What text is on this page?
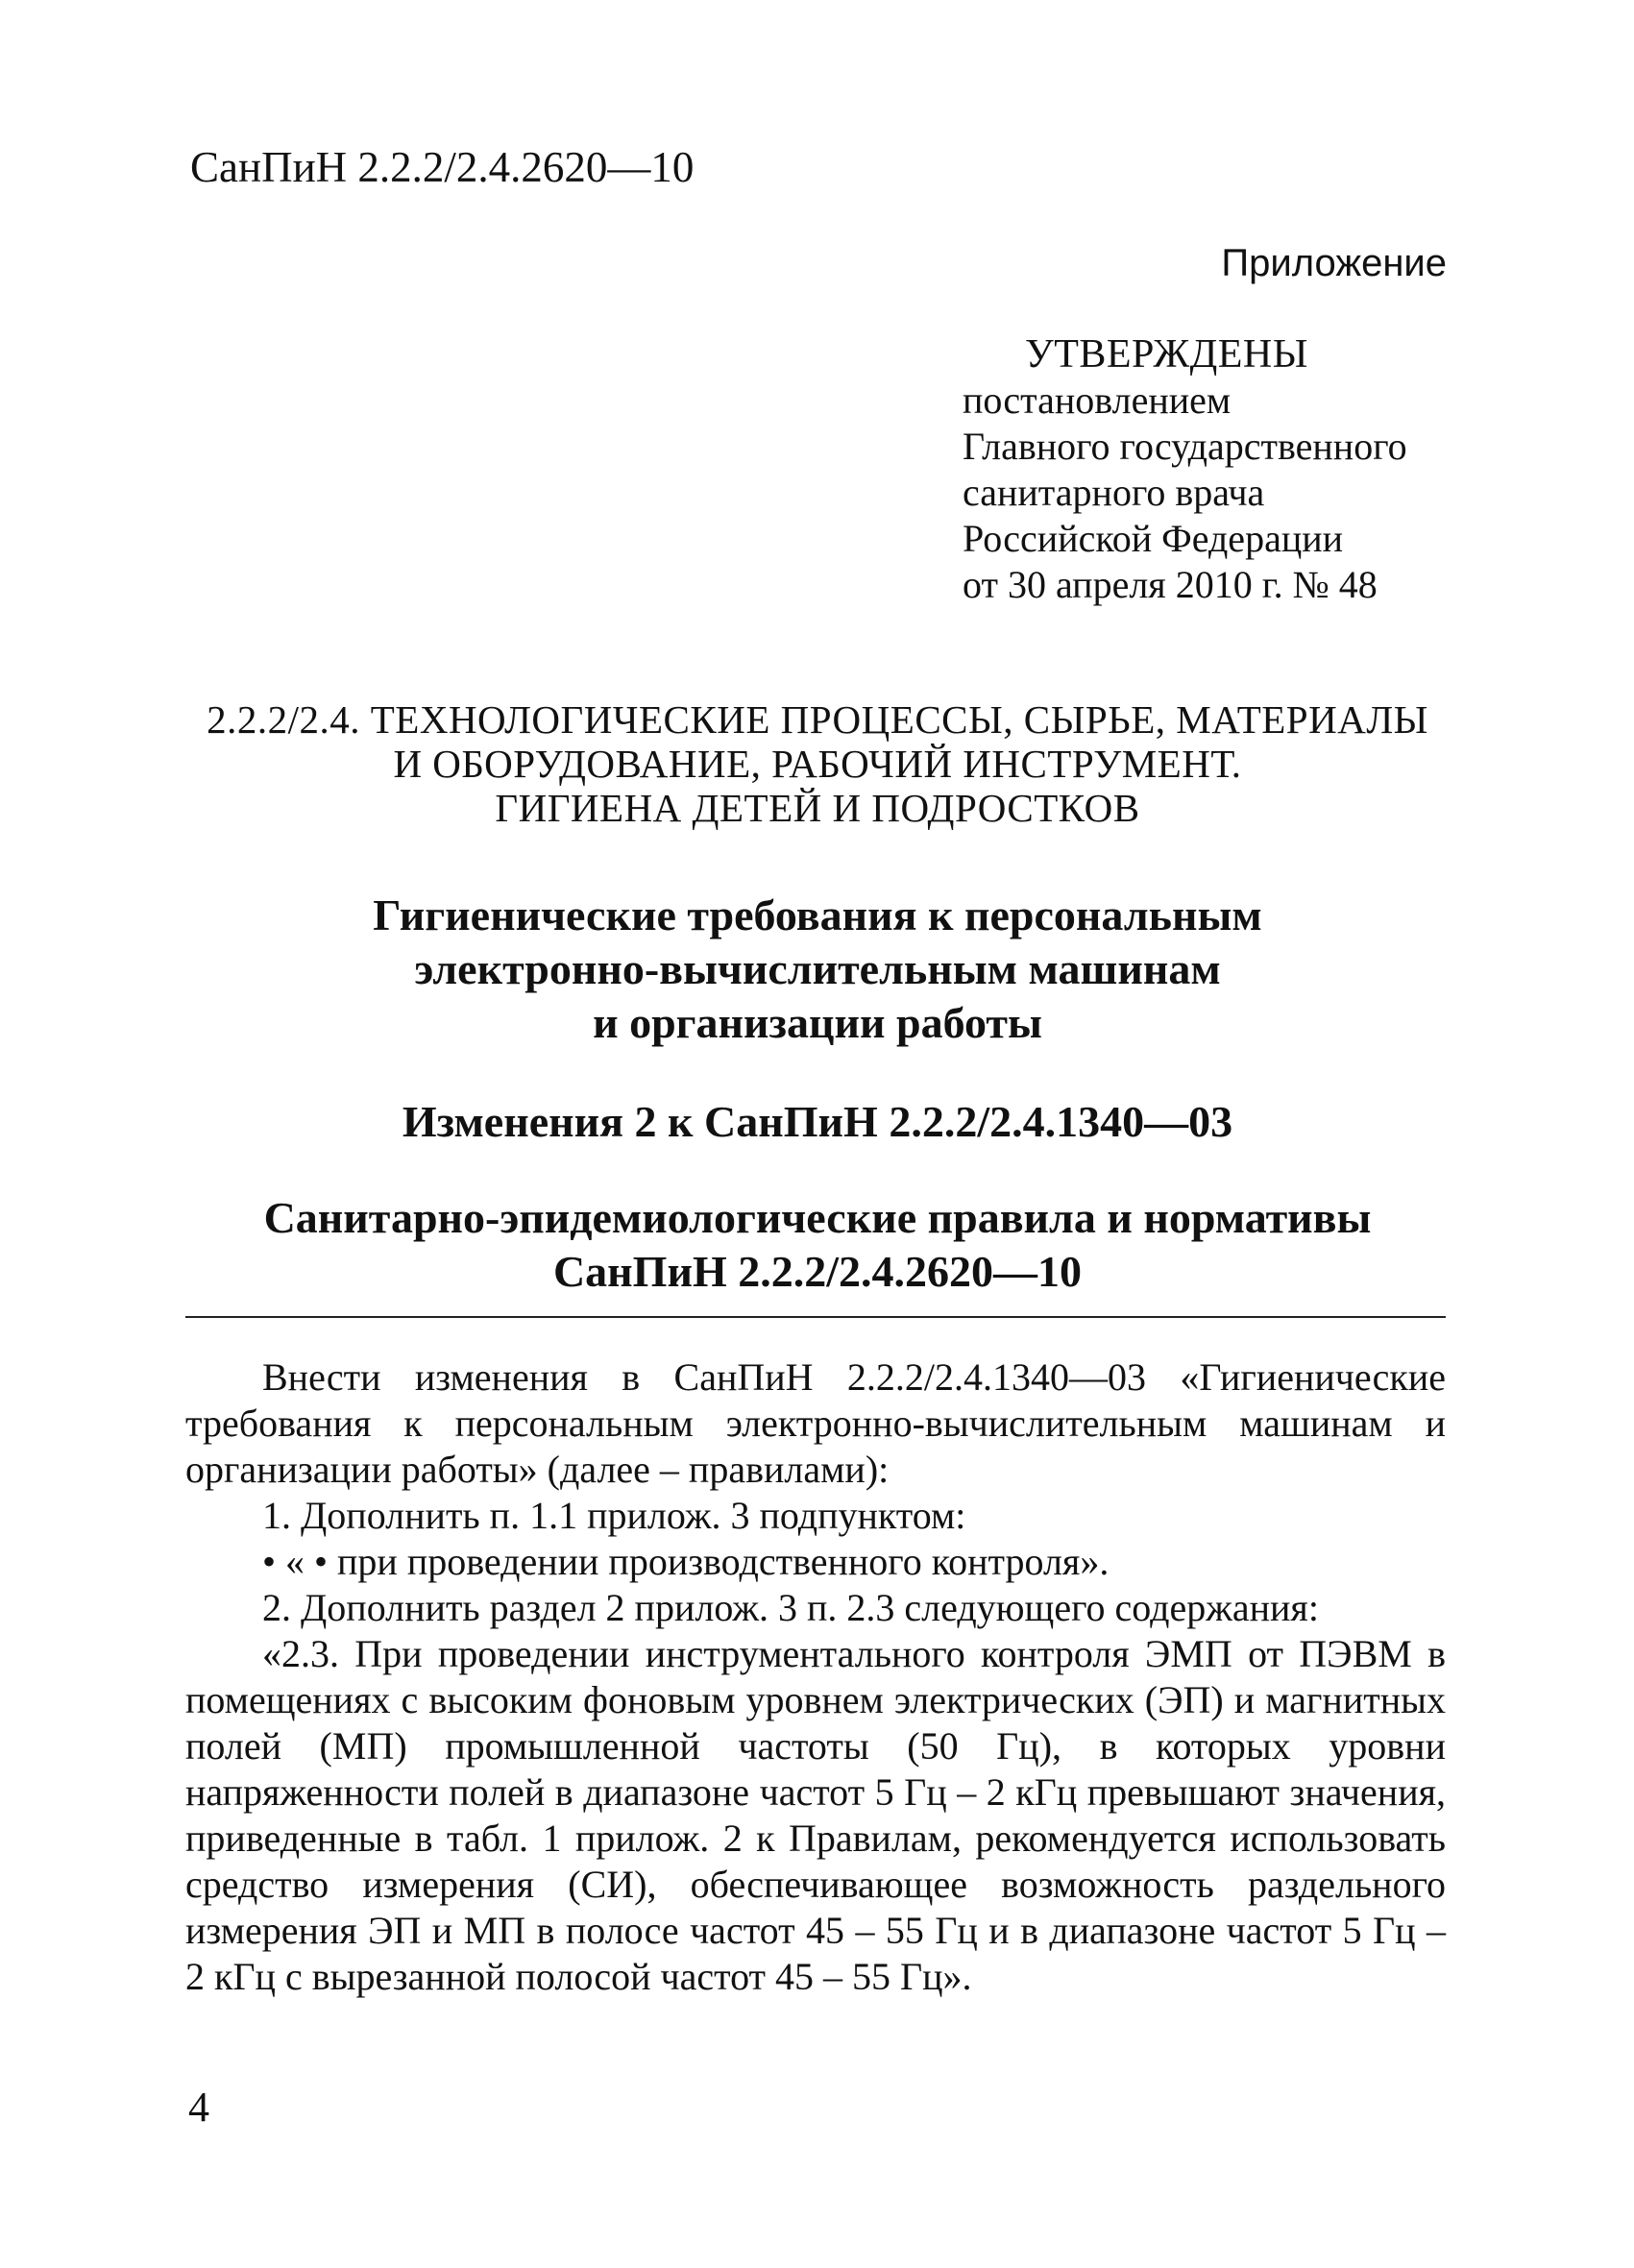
СанПиН 2.2.2/2.4.2620—10
Приложение
УТВЕРЖДЕНЫ
постановлением
Главного государственного
санитарного врача
Российской Федерации
от 30 апреля 2010 г. № 48
2.2.2/2.4. ТЕХНОЛОГИЧЕСКИЕ ПРОЦЕССЫ, СЫРЬЕ, МАТЕРИАЛЫ
И ОБОРУДОВАНИЕ, РАБОЧИЙ ИНСТРУМЕНТ.
ГИГИЕНА ДЕТЕЙ И ПОДРОСТКОВ
Гигиенические требования к персональным
электронно-вычислительным машинам
и организации работы
Изменения 2 к СанПиН 2.2.2/2.4.1340—03
Санитарно-эпидемиологические правила и нормативы
СанПиН 2.2.2/2.4.2620—10

Внести изменения в СанПиН 2.2.2/2.4.1340—03 «Гигиенические требования к персональным электронно-вычислительным машинам и организации работы» (далее – правилами):

1. Дополнить п. 1.1 прилож. 3 подпунктом:

• « • при проведении производственного контроля».

2. Дополнить раздел 2 прилож. 3 п. 2.3 следующего содержания:

«2.3. При проведении инструментального контроля ЭМП от ПЭВМ в помещениях с высоким фоновым уровнем электрических (ЭП) и магнитных полей (МП) промышленной частоты (50 Гц), в которых уровни напряженности полей в диапазоне частот 5 Гц – 2 кГц превышают значения, приведенные в табл. 1 прилож. 2 к Правилам, рекомендуется использовать средство измерения (СИ), обеспечивающее возможность раздельного измерения ЭП и МП в полосе частот 45 – 55 Гц и в диапазоне частот 5 Гц – 2 кГц с вырезанной полосой частот 45 – 55 Гц».

4
